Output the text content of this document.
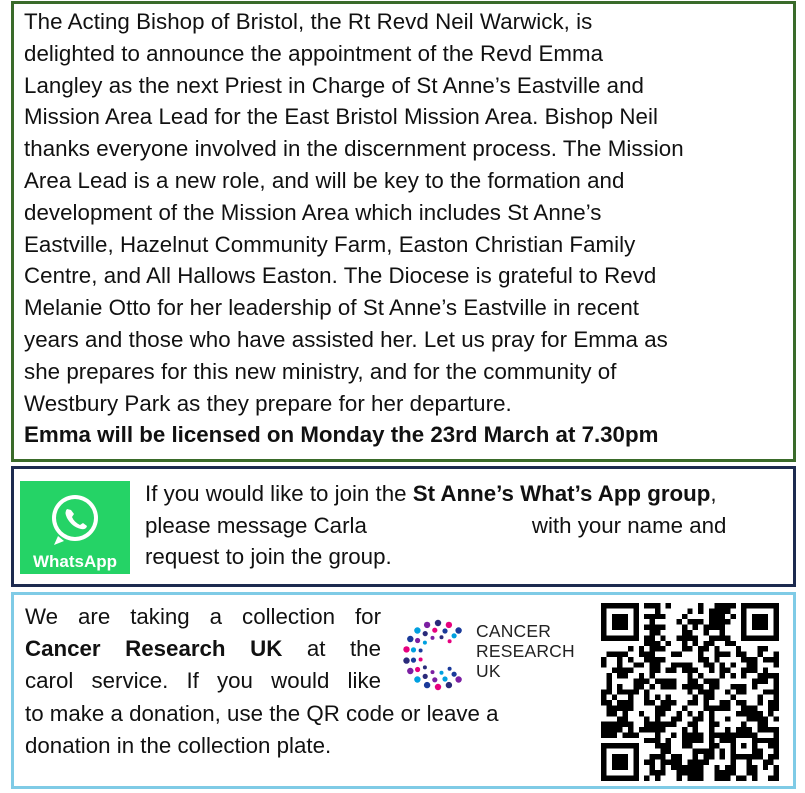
The Acting Bishop of Bristol, the Rt Revd Neil Warwick, is
delighted to announce the appointment of the Revd Emma
Langley as the next Priest in Charge of St Anne’s Eastville and
Mission Area Lead for the East Bristol Mission Area. Bishop Neil
thanks everyone involved in the discernment process. The Mission
Area Lead is a new role, and will be key to the formation and
development of the Mission Area which includes St Anne’s
Eastville, Hazelnut Community Farm, Easton Christian Family
Centre, and All Hallows Easton. The Diocese is grateful to Revd
Melanie Otto for her leadership of St Anne’s Eastville in recent
years and those who have assisted her. Let us pray for Emma as
she prepares for this new ministry, and for the community of
Westbury Park as they prepare for her departure.
Emma will be licensed on Monday the 23rd March at 7.30pm
WhatsApp
If you would like to join the St Anne’s What’s App group,
please message Carla	with your name and
request to join the group.
We are taking a collection for
Cancer Research UK at the
carol service. If you would like
to make a donation, use the QR code or leave a
donation in the collection plate.
CANCER
RESEARCH
UK
